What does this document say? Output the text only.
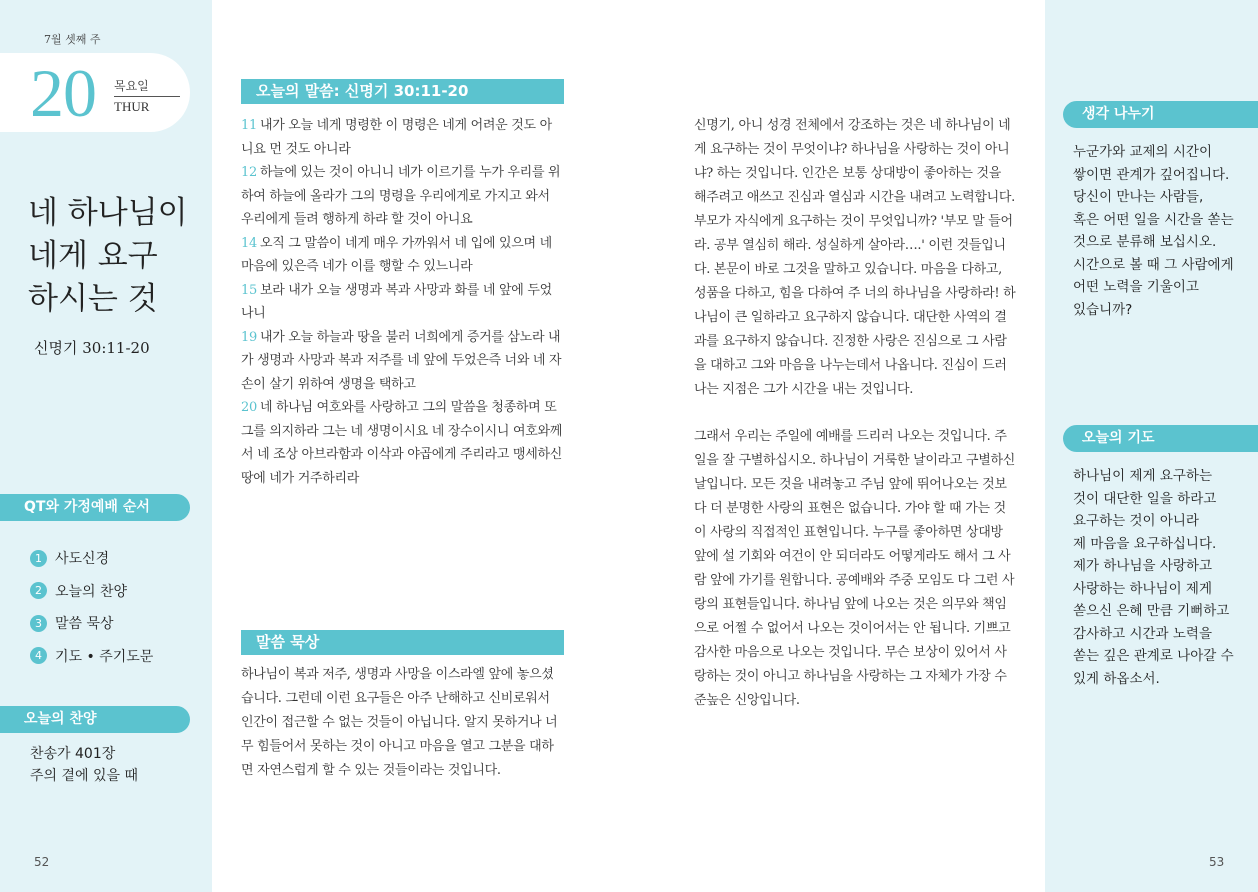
7월 셋째 주
20 목요일
THUR
네 하나님이
네게 요구
하시는 것
신명기 30:11-20
QT와 가정예배 순서
1 사도신경
2 오늘의 찬양
3 말씀 묵상
4 기도 • 주기도문
오늘의 찬양
찬송가 401장
주의 곁에 있을 때
52
오늘의 말씀: 신명기 30:11-20
11 내가 오늘 네게 명령한 이 명령은 네게 어려운 것도 아니요 먼 것도 아니라
12 하늘에 있는 것이 아니니 네가 이르기를 누가 우리를 위하여 하늘에 올라가 그의 명령을 우리에게로 가지고 와서 우리에게 들려 행하게 하랴 할 것이 아니요
14 오직 그 말씀이 네게 매우 가까워서 네 입에 있으며 네 마음에 있은즉 네가 이를 행할 수 있느니라
15 보라 내가 오늘 생명과 복과 사망과 화를 네 앞에 두었나니
19 내가 오늘 하늘과 땅을 불러 너희에게 증거를 삼노라 내가 생명과 사망과 복과 저주를 네 앞에 두었은즉 너와 네 자손이 살기 위하여 생명을 택하고
20 네 하나님 여호와를 사랑하고 그의 말씀을 청종하며 또 그를 의지하라 그는 네 생명이시요 네 장수이시니 여호와께서 네 조상 아브라함과 이삭과 야곱에게 주리라고 맹세하신 땅에 네가 거주하리라
말씀 묵상
하나님이 복과 저주, 생명과 사망을 이스라엘 앞에 놓으셨습니다. 그런데 이런 요구들은 아주 난해하고 신비로워서 인간이 접근할 수 없는 것들이 아닙니다. 알지 못하거나 너무 힘들어서 못하는 것이 아니고 마음을 열고 그분을 대하면 자연스럽게 할 수 있는 것들이라는 것입니다.

신명기, 아니 성경 전체에서 강조하는 것은 네 하나님이 네게 요구하는 것이 무엇이냐? 하나님을 사랑하는 것이 아니냐? 하는 것입니다. 인간은 보통 상대방이 좋아하는 것을 해주려고 애쓰고 진심과 열심과 시간을 내려고 노력합니다. 부모가 자식에게 요구하는 것이 무엇입니까? '부모 말 들어라. 공부 열심히 해라. 성실하게 살아라….' 이런 것들입니다. 본문이 바로 그것을 말하고 있습니다. 마음을 다하고, 성품을 다하고, 힘을 다하여 주 너의 하나님을 사랑하라! 하나님이 큰 일하라고 요구하지 않습니다. 대단한 사역의 결과를 요구하지 않습니다. 진정한 사랑은 진심으로 그 사람을 대하고 그와 마음을 나누는데서 나옵니다. 진심이 드러나는 지점은 그가 시간을 내는 것입니다.

그래서 우리는 주일에 예배를 드리러 나오는 것입니다. 주일을 잘 구별하십시오. 하나님이 거룩한 날이라고 구별하신 날입니다. 모든 것을 내려놓고 주님 앞에 뛰어나오는 것보다 더 분명한 사랑의 표현은 없습니다. 가야 할 때 가는 것이 사랑의 직접적인 표현입니다. 누구를 좋아하면 상대방 앞에 설 기회와 여건이 안 되더라도 어떻게라도 해서 그 사람 앞에 가기를 원합니다. 공예배와 주중 모임도 다 그런 사랑의 표현들입니다. 하나님 앞에 나오는 것은 의무와 책임으로 어쩔 수 없어서 나오는 것이어서는 안 됩니다. 기쁘고 감사한 마음으로 나오는 것입니다. 무슨 보상이 있어서 사랑하는 것이 아니고 하나님을 사랑하는 그 자체가 가장 수준높은 신앙입니다.

생각 나누기
누군가와 교제의 시간이
쌓이면 관계가 깊어집니다.
당신이 만나는 사람들,
혹은 어떤 일을 시간을 쏟는
것으로 분류해 보십시오.
시간으로 볼 때 그 사람에게
어떤 노력을 기울이고
있습니까?
오늘의 기도
하나님이 제게 요구하는
것이 대단한 일을 하라고
요구하는 것이 아니라
제 마음을 요구하십니다.
제가 하나님을 사랑하고
사랑하는 하나님이 제게
쏟으신 은혜 만큼 기뻐하고
감사하고 시간과 노력을
쏟는 깊은 관계로 나아갈 수
있게 하옵소서.
53
